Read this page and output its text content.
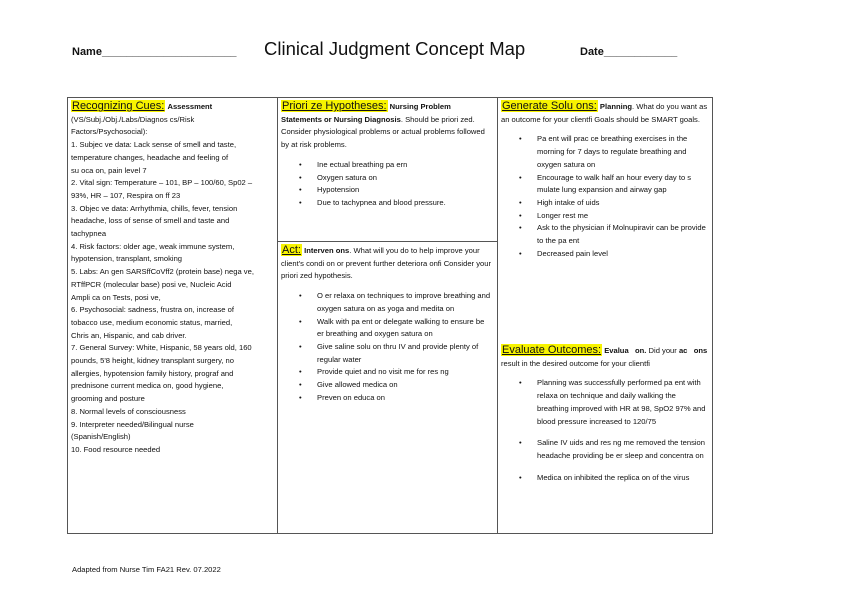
Name______________________ Clinical Judgment Concept Map	Date____________
Recognizing Cues: Assessment
(VS/Subj./Obj./Labs/Diagnos cs/Risk
Factors/Psychosocial):
1. Subjec ve data: Lack sense of smell and taste,
temperature changes, headache and feeling of
su oca on, pain level 7
2. Vital sign: Temperature – 101, BP – 100/60, Sp02 –
93%, HR – 107, Respira on ff 23
3. Objec ve data: Arrhythmia, chills, fever, tension
headache, loss of sense of smell and taste and
tachypnea
4. Risk factors: older age, weak immune system,
hypotension, transplant, smoking
5. Labs: An gen SARSffCoVff2 (protein base) nega ve,
RTffPCR (molecular base) posi ve, Nucleic Acid
Ampli ca on Tests, posi ve,
6. Psychosocial: sadness, frustra on, increase of
tobacco use, medium economic status, married,
Chris an, Hispanic, and cab driver.
7. General Survey: White, Hispanic, 58 years old, 160
pounds, 5'8 height, kidney transplant surgery, no
allergies, hypotension family history, prograf and
prednisone current medica on, good hygiene,
grooming and posture
8. Normal levels of consciousness
9. Interpreter needed/Bilingual nurse
(Spanish/English)
10. Food resource needed
Priori ze Hypotheses: Nursing Problem

Statements or Nursing Diagnosis. Should be priori zed. Consider physiological problems or actual problems followed by at risk problems.

• Ine ectual breathing pa ern
• Oxygen satura on
• Hypotension
• Due to tachypnea and blood pressure.
Act: Interven ons. What will you do to help improve your client's condi on or prevent further deteriora onfi Consider your priori zed hypothesis.
• O er relaxa on techniques to improve breathing and oxygen satura on as yoga and medita on
• Walk with pa ent or delegate walking to ensure be er breathing and oxygen satura on
• Give saline solu on thru IV and provide plenty of regular water
• Provide quiet and no visit me for res ng
• Give allowed medica on
• Preven on educa on
Generate Solu ons: Planning. What do you want as an outcome for your clientfi Goals should be SMART goals.
• Pa ent will prac ce breathing exercises in the morning for 7 days to regulate breathing and oxygen satura on
• Encourage to walk half an hour every day to s mulate lung expansion and airway gap
• High intake of uids
• Longer rest me
• Ask to the physician if Molnupiravir can be provide to the pa ent
• Decreased pain level
Evaluate Outcomes: Evalua on. Did your ac ons result in the desired outcome for your clientfi
• Planning was successfully performed pa ent with relaxa on technique and daily walking the breathing improved with HR at 98, SpO2 97% and blood pressure increased to 120/75
• Saline IV uids and res ng me removed the tension headache providing be er sleep and concentra on
• Medica on inhibited the replica on of the virus
Adapted from Nurse Tim FA21 Rev. 07.2022
